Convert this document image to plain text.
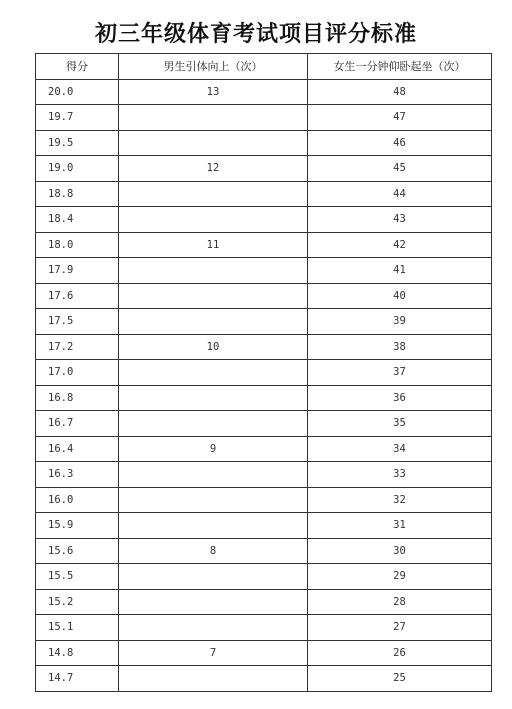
初三年级体育考试项目评分标准
得分	男生引体向上（次）	女生一分钟仰卧起坐（次）
20.0	13	48
19.7		47
19.5		46
19.0	12	45
18.8		44
18.4		43
18.0	11	42
17.9		41
17.6		40
17.5		39
17.2	10	38
17.0		37
16.8		36
16.7		35
16.4	9	34
16.3		33
16.0		32
15.9		31
15.6	8	30
15.5		29
15.2		28
15.1		27
14.8	7	26
14.7		25
